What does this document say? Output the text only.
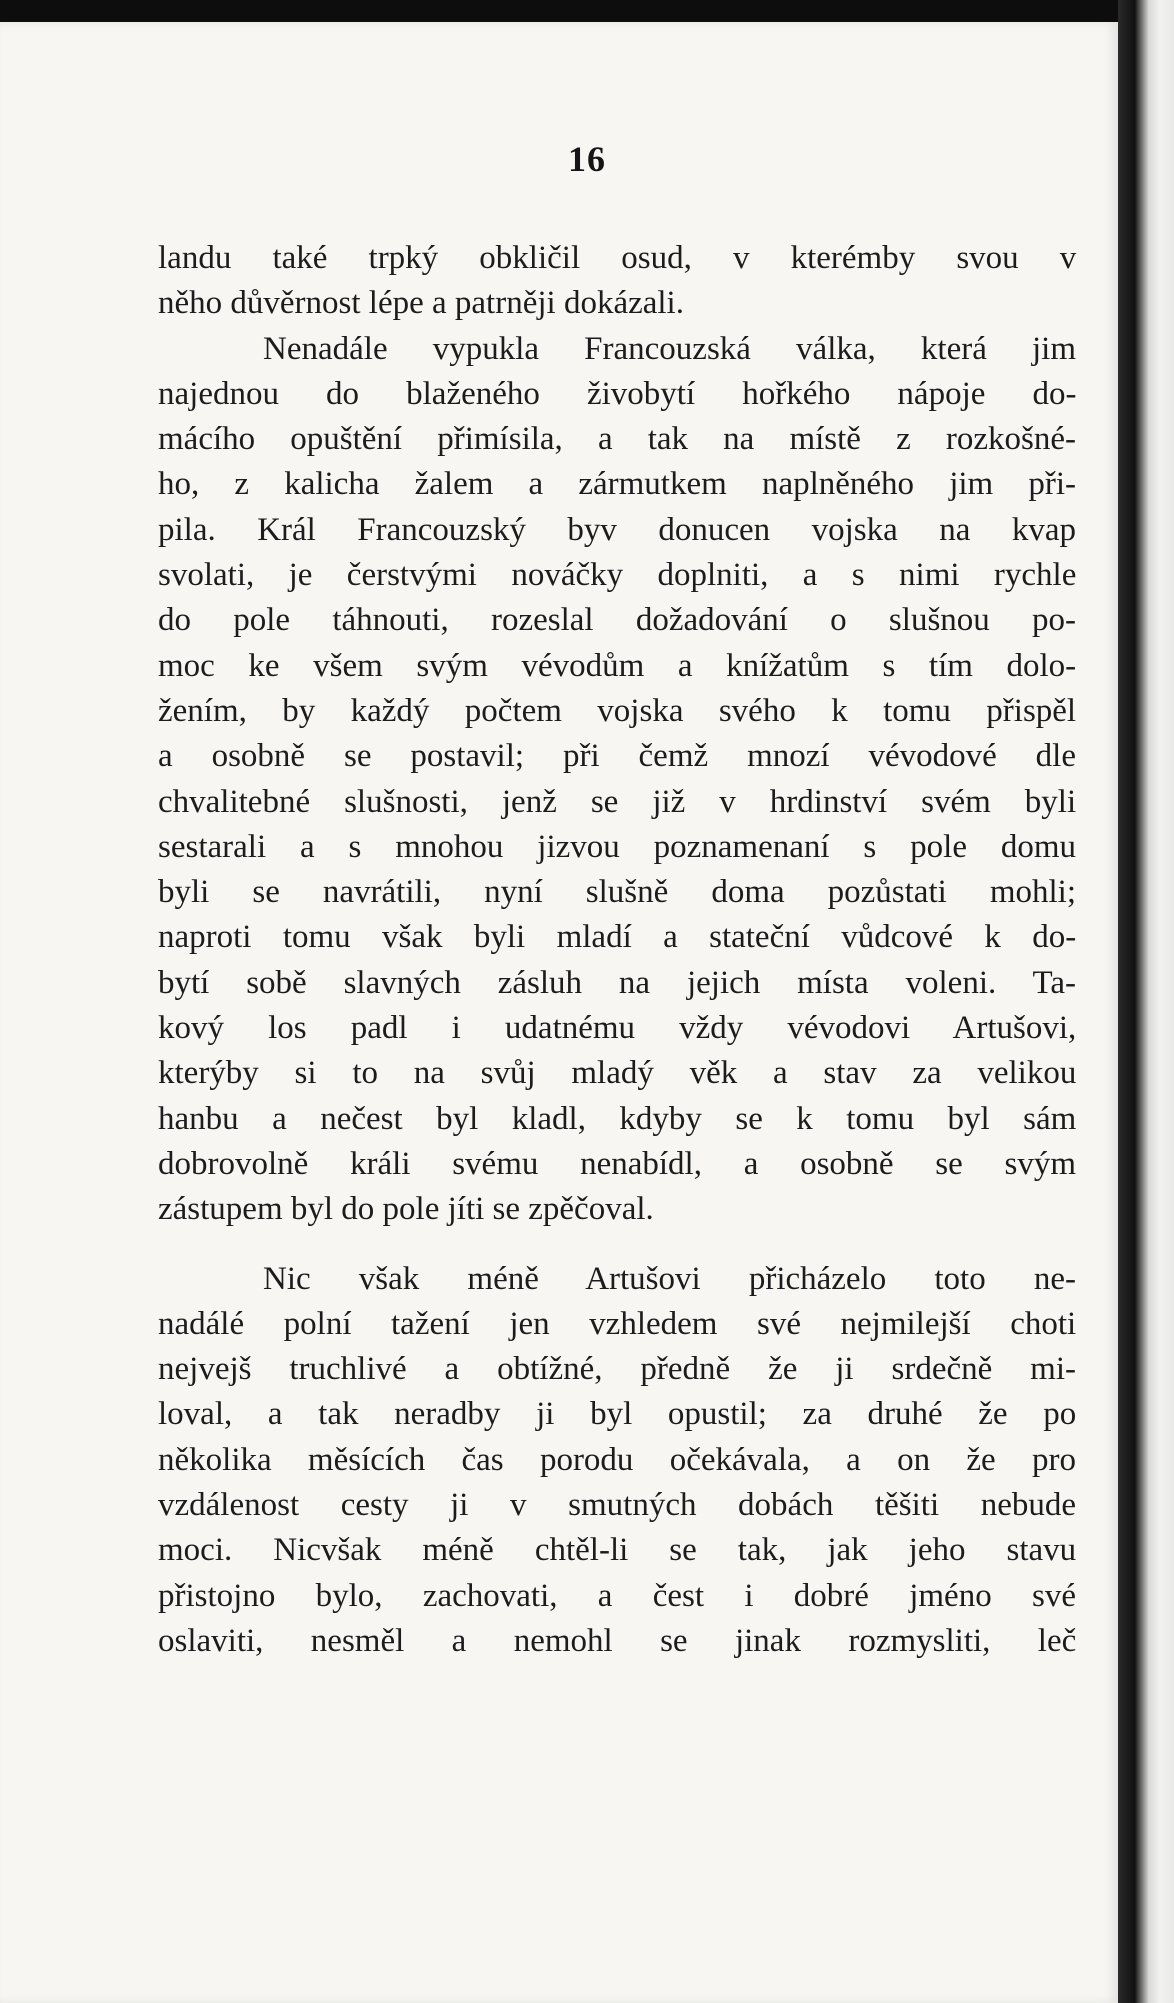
16

landu také trpký obkličil osud, v kterémby svou v
něho důvěrnost lépe a patrněji dokázali.

Nenadále vypukla Francouzská válka, která jim
najednou do blaženého živobytí hořkého nápoje do-
mácího opuštění přimísila, a tak na místě z rozkošné-
ho, z kalicha žalem a zármutkem naplněného jim při-
pila. Král Francouzský byv donucen vojska na kvap
svolati, je čerstvými nováčky doplniti, a s nimi rychle
do pole táhnouti, rozeslal dožadování o slušnou po-
moc ke všem svým vévodům a knížatům s tím dolo-
žením, by každý počtem vojska svého k tomu přispěl
a osobně se postavil; při čemž mnozí vévodové dle
chvalitebné slušnosti, jenž se již v hrdinství svém byli
sestarali a s mnohou jizvou poznamenaní s pole domu
byli se navrátili, nyní slušně doma pozůstati mohli;
naproti tomu však byli mladí a stateční vůdcové k do-
bytí sobě slavných zásluh na jejich místa voleni. Ta-
kový los padl i udatnému vždy vévodovi Artušovi,
kterýby si to na svůj mladý věk a stav za velikou
hanbu a nečest byl kladl, kdyby se k tomu byl sám
dobrovolně králi svému nenabídl, a osobně se svým
zástupem byl do pole jíti se zpěčoval.

Nic však méně Artušovi přicházelo toto ne-
nadálé polní tažení jen vzhledem své nejmilejší choti
nejvejš truchlivé a obtížné, předně že ji srdečně mi-
loval, a tak neradby ji byl opustil; za druhé že po
několika měsících čas porodu očekávala, a on že pro
vzdálenost cesty ji v smutných dobách těšiti nebude
moci. Nicvšak méně chtěl-li se tak, jak jeho stavu
přistojno bylo, zachovati, a čest i dobré jméno své
oslaviti, nesměl a nemohl se jinak rozmysliti, leč
